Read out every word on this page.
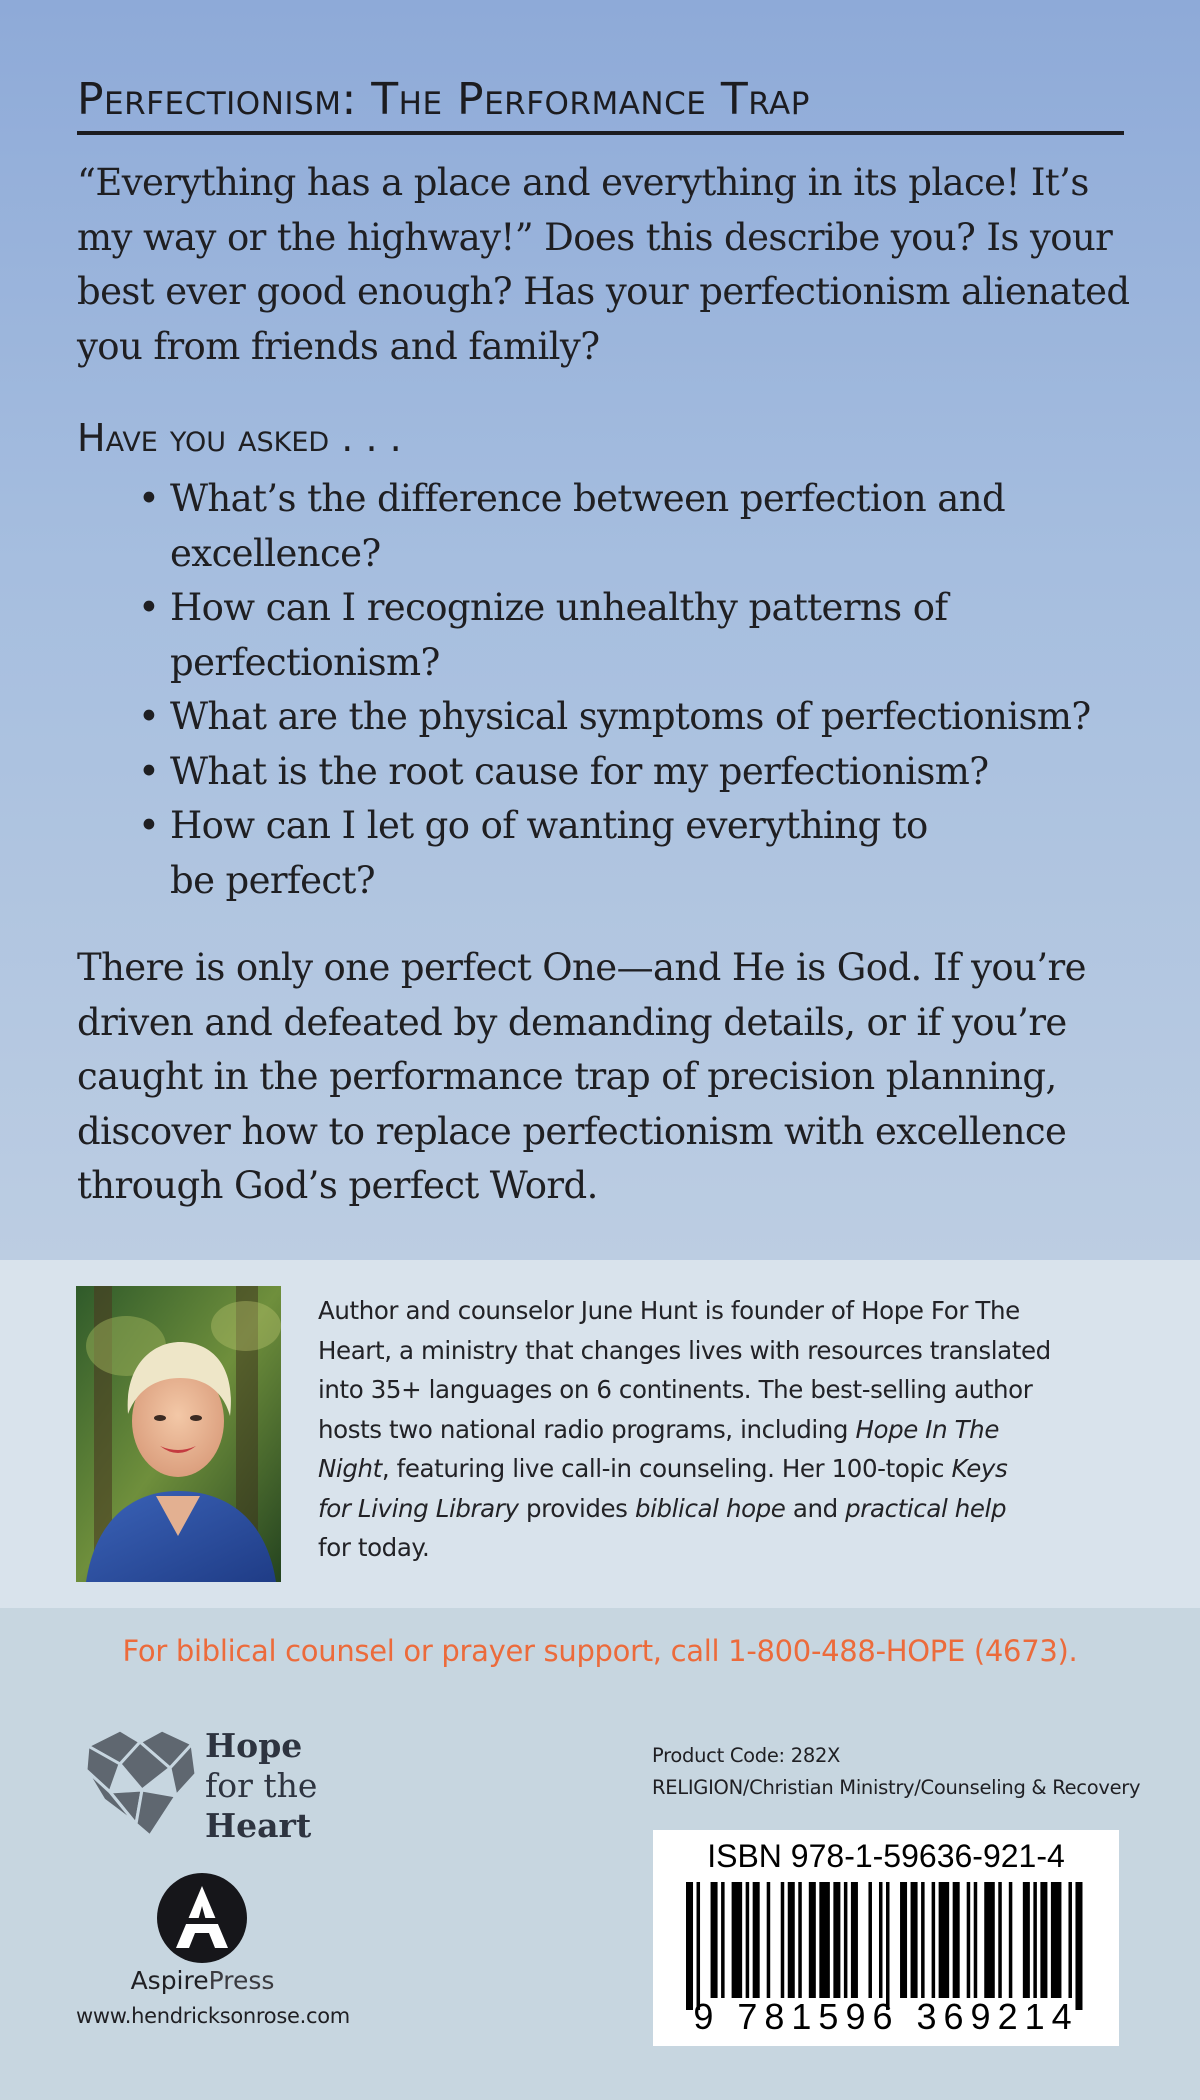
Perfectionism: The Performance Trap

“Everything has a place and everything in its place! It’s
my way or the highway!” Does this describe you? Is your
best ever good enough? Has your perfectionism alienated
you from friends and family?

Have you asked . . .

• What’s the difference between perfection and
excellence?
• How can I recognize unhealthy patterns of
perfectionism?
• What are the physical symptoms of perfectionism?
• What is the root cause for my perfectionism?
• How can I let go of wanting everything to
be perfect?

There is only one perfect One—and He is God. If you’re
driven and defeated by demanding details, or if you’re
caught in the performance trap of precision planning,
discover how to replace perfectionism with excellence
through God’s perfect Word.

Author and counselor June Hunt is founder of Hope For The
Heart, a ministry that changes lives with resources translated
into 35+ languages on 6 continents. The best-selling author
hosts two national radio programs, including Hope In The
Night, featuring live call-in counseling. Her 100-topic Keys
for Living Library provides biblical hope and practical help
for today.

For biblical counsel or prayer support, call 1-800-488-HOPE (4673).
Hope
for the
Heart
AspirePress
www.hendricksonrose.com
Product Code: 282X
RELIGION/Christian Ministry/Counseling & Recovery
ISBN 978-1-59636-921-4
9 781596 369214
